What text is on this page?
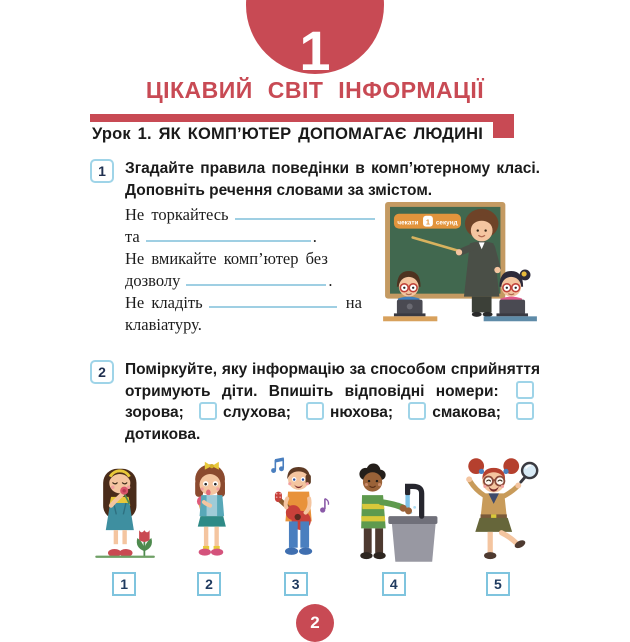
1
ЦІКАВИЙ СВІТ ІНФОРМАЦІЇ
Урок 1. ЯК КОМП’ЮТЕР ДОПОМАГАЄ ЛЮДИНІ
1	Згадайте правила поведінки в комп’ютерному класі. Доповніть речення словами за змістом.

Не торкайтесь
та	.
Не вмикайте комп’ютер без
дозволу	.
Не кладіть	на
клавіатуру.
чекати 1 секунд
2	Поміркуйте, яку інформацію за способом сприйняття отримують діти. Впишіть відповідні номери: зорова;	слухова;	нюхова;	смакова; дотикова.

1	2	3	4	5
2
